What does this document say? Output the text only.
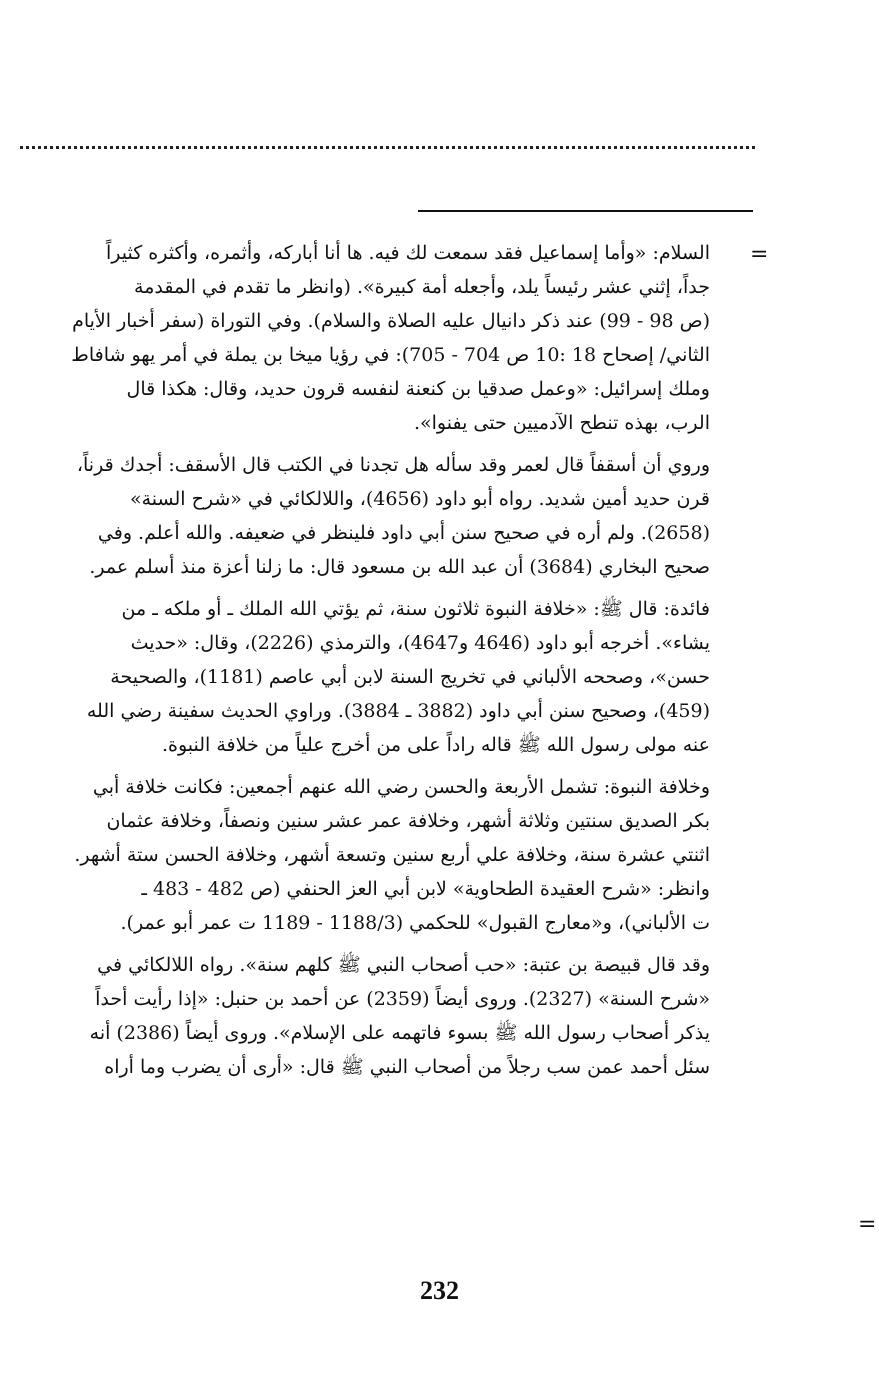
=
السلام: «وأما إسماعيل فقد سمعت لك فيه. ها أنا أباركه، وأثمره، وأكثره كثيراً
جداً، إثني عشر رئيساً يلد، وأجعله أمة كبيرة». (وانظر ما تقدم في المقدمة
(ص 98 - 99) عند ذكر دانيال عليه الصلاة والسلام). وفي التوراة (سفر أخبار الأيام
الثاني/ إصحاح 18 :10 ص 704 - 705): في رؤيا ميخا بن يملة في أمر يهو شافاط
وملك إسرائيل: «وعمل صدقيا بن كنعنة لنفسه قرون حديد، وقال: هكذا قال
الرب، بهذه تنطح الآدميين حتى يفنوا».
وروي أن أسقفاً قال لعمر وقد سأله هل تجدنا في الكتب قال الأسقف: أجدك قرناً،
قرن حديد أمين شديد. رواه أبو داود (4656)، واللالكائي في «شرح السنة»
(2658). ولم أره في صحيح سنن أبي داود فلينظر في ضعيفه. والله أعلم. وفي
صحيح البخاري (3684) أن عبد الله بن مسعود قال: ما زلنا أعزة منذ أسلم عمر.
فائدة: قال ﷺ: «خلافة النبوة ثلاثون سنة، ثم يؤتي الله الملك ـ أو ملكه ـ من
يشاء». أخرجه أبو داود (4646 و4647)، والترمذي (2226)، وقال: «حديث
حسن»، وصححه الألباني في تخريج السنة لابن أبي عاصم (1181)، والصحيحة
(459)، وصحيح سنن أبي داود (3882 ـ 3884). وراوي الحديث سفينة رضي الله
عنه مولى رسول الله ﷺ قاله راداً على من أخرج علياً من خلافة النبوة.
وخلافة النبوة: تشمل الأربعة والحسن رضي الله عنهم أجمعين: فكانت خلافة أبي
بكر الصديق سنتين وثلاثة أشهر، وخلافة عمر عشر سنين ونصفاً، وخلافة عثمان
اثنتي عشرة سنة، وخلافة علي أربع سنين وتسعة أشهر، وخلافة الحسن ستة أشهر.
وانظر: «شرح العقيدة الطحاوية» لابن أبي العز الحنفي (ص 482 - 483 ـ
ت الألباني)، و«معارج القبول» للحكمي (1188/3 - 1189 ت عمر أبو عمر).
وقد قال قبيصة بن عتبة: «حب أصحاب النبي ﷺ كلهم سنة». رواه اللالكائي في
«شرح السنة» (2327). وروى أيضاً (2359) عن أحمد بن حنبل: «إذا رأيت أحداً
يذكر أصحاب رسول الله ﷺ بسوء فاتهمه على الإسلام». وروى أيضاً (2386) أنه
سئل أحمد عمن سب رجلاً من أصحاب النبي ﷺ قال: «أرى أن يضرب وما أراه
=
232
